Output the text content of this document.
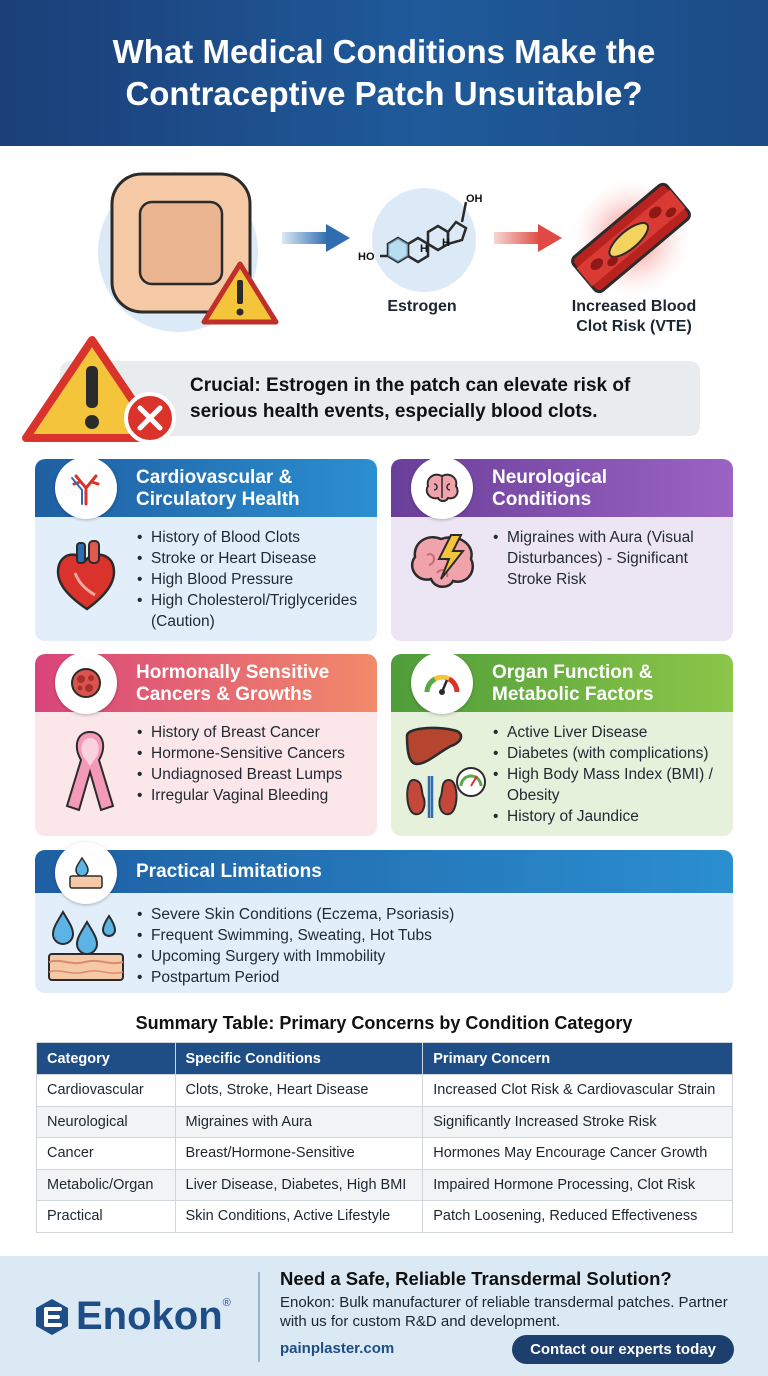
What Medical Conditions Make the Contraceptive Patch Unsuitable?
OH
HO
H H
Estrogen	Increased Blood Clot Risk (VTE)

Crucial: Estrogen in the patch can elevate risk of serious health events, especially blood clots.

Cardiovascular & Circulatory Health
• History of Blood Clots
• Stroke or Heart Disease
• High Blood Pressure
• High Cholesterol/Triglycerides (Caution)
Neurological Conditions
• Migraines with Aura (Visual Disturbances) - Significant Stroke Risk
Hormonally Sensitive Cancers & Growths
• History of Breast Cancer
• Hormone-Sensitive Cancers
• Undiagnosed Breast Lumps
• Irregular Vaginal Bleeding
Organ Function & Metabolic Factors
• Active Liver Disease
• Diabetes (with complications)
• High Body Mass Index (BMI) / Obesity
• History of Jaundice
Practical Limitations
• Severe Skin Conditions (Eczema, Psoriasis)
• Frequent Swimming, Sweating, Hot Tubs
• Upcoming Surgery with Immobility
• Postpartum Period
Summary Table: Primary Concerns by Condition Category
Category	Specific Conditions	Primary Concern
Cardiovascular	Clots, Stroke, Heart Disease	Increased Clot Risk & Cardiovascular Strain
Neurological	Migraines with Aura	Significantly Increased Stroke Risk
Cancer	Breast/Hormone-Sensitive	Hormones May Encourage Cancer Growth
Metabolic/Organ	Liver Disease, Diabetes, High BMI	Impaired Hormone Processing, Clot Risk
Practical	Skin Conditions, Active Lifestyle	Patch Loosening, Reduced Effectiveness
Enokon ®
Need a Safe, Reliable Transdermal Solution?
Enokon: Bulk manufacturer of reliable transdermal patches. Partner with us for custom R&D and development.
painplaster.com	Contact our experts today
